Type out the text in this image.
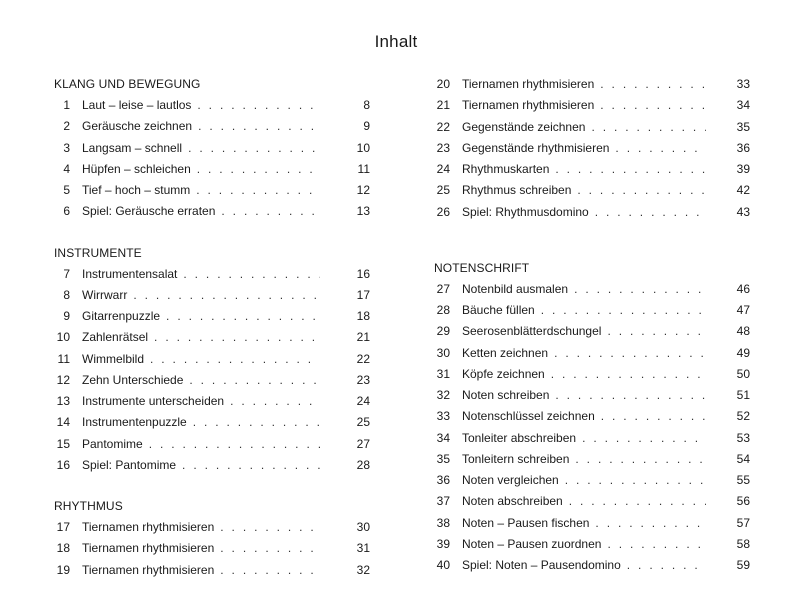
Inhalt
KLANG UND BEWEGUNG
1 Laut – leise – lautlos . . .	8
2 Geräusche zeichnen . . .	9
3 Langsam – schnell . . .	10
4 Hüpfen – schleichen . . .	11
5 Tief – hoch – stumm . . .	12
6 Spiel: Geräusche erraten . . .	13
INSTRUMENTE
7 Instrumentensalat . . .	16
8 Wirrwarr . . .	17
9 Gitarrenpuzzle . . .	18
10 Zahlenrätsel . . .	21
11 Wimmelbild . . .	22
12 Zehn Unterschiede . . .	23
13 Instrumente unterscheiden . . .	24
14 Instrumentenpuzzle . . .	25
15 Pantomime . . .	27
16 Spiel: Pantomime . . .	28
RHYTHMUS
17 Tiernamen rhythmisieren . . .	30
18 Tiernamen rhythmisieren . . .	31
19 Tiernamen rhythmisieren . . .	32
20 Tiernamen rhythmisieren . . .	33
21 Tiernamen rhythmisieren . . .	34
22 Gegenstände zeichnen . . .	35
23 Gegenstände rhythmisieren . . .	36
24 Rhythmuskarten . . .	39
25 Rhythmus schreiben . . .	42
26 Spiel: Rhythmusdomino . . .	43
NOTENSCHRIFT
27 Notenbild ausmalen . . .	46
28 Bäuche füllen . . .	47
29 Seerosenblätterdschungel . . .	48
30 Ketten zeichnen . . .	49
31 Köpfe zeichnen . . .	50
32 Noten schreiben . . .	51
33 Notenschlüssel zeichnen . . .	52
34 Tonleiter abschreiben . . .	53
35 Tonleitern schreiben . . .	54
36 Noten vergleichen . . .	55
37 Noten abschreiben . . .	56
38 Noten – Pausen fischen . . .	57
39 Noten – Pausen zuordnen . . .	58
40 Spiel: Noten – Pausendomino . . .	59
